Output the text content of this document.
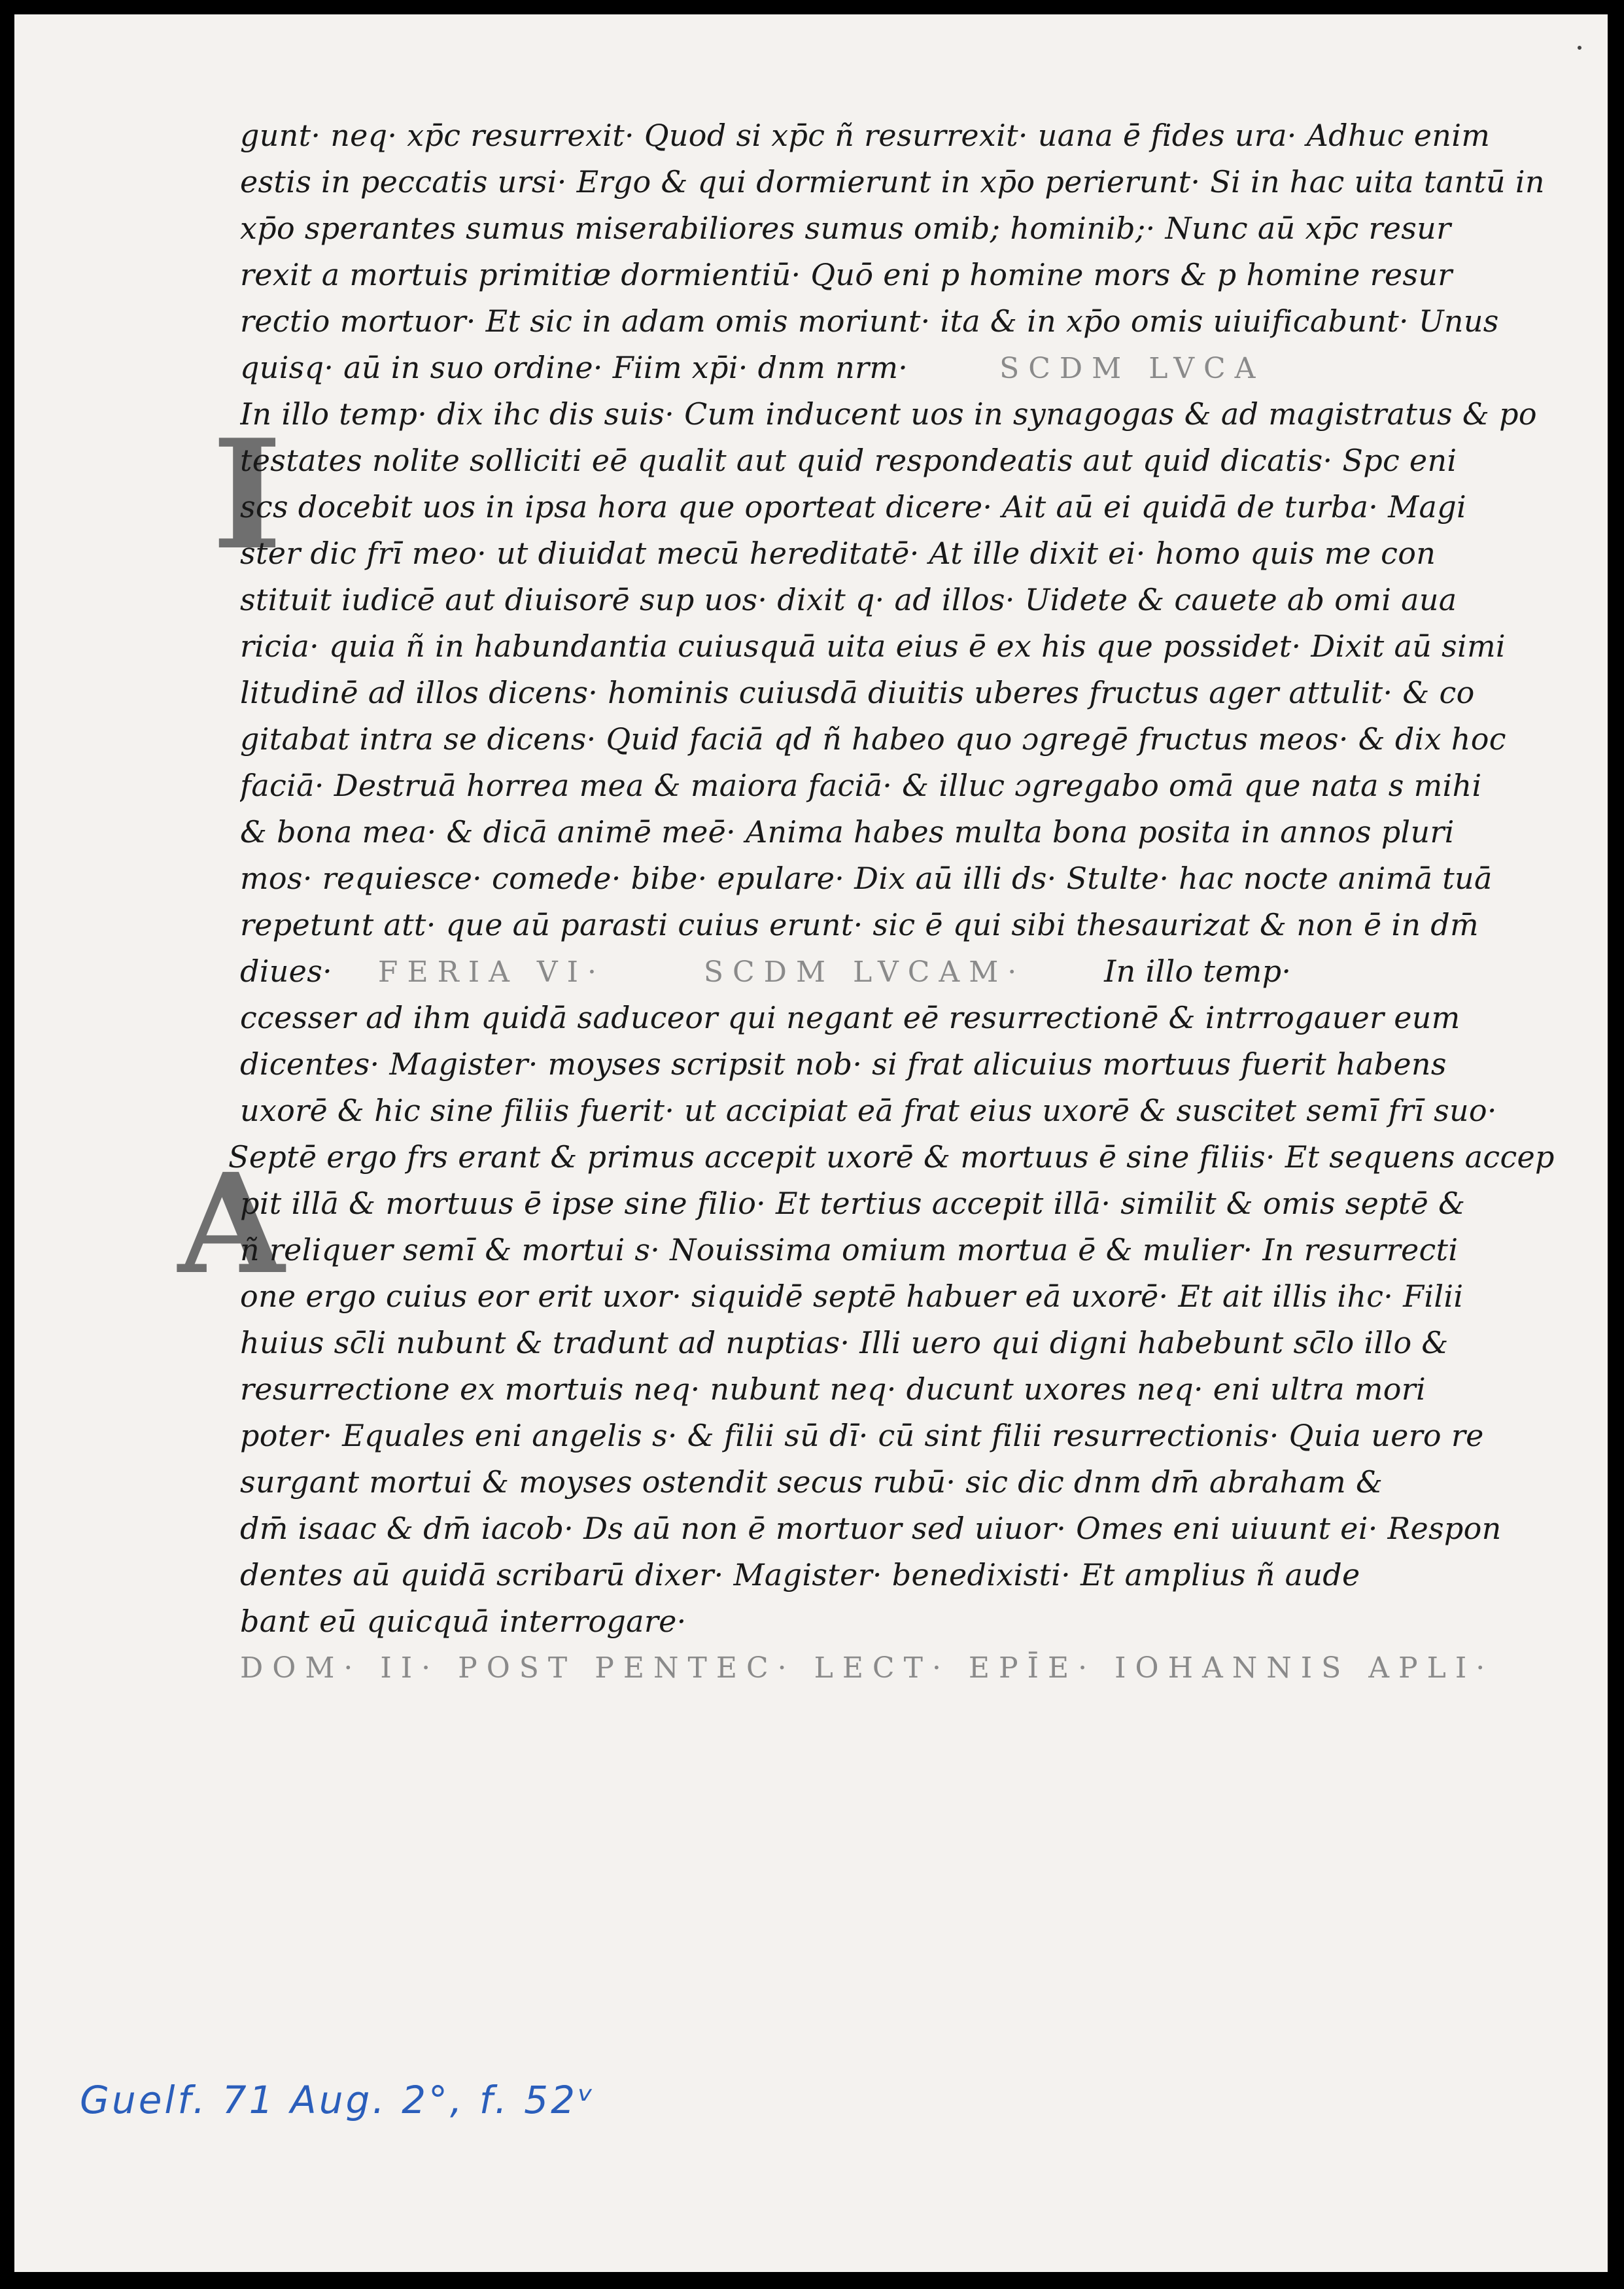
I
A
gunt· neq· xp̄c resurrexit· Quod si xp̄c ñ resurrexit· uana ē fides ura· Adhuc enim
estis in peccatis ursi· Ergo & qui dormierunt in xp̄o perierunt· Si in hac uita tantū in
xp̄o sperantes sumus miserabiliores sumus omib; hominib;· Nunc aū xp̄c resur
rexit a mortuis primitiæ dormientiū· Quō eni p homine mors & p homine resur
rectio mortuor· Et sic in adam omis moriunt· ita & in xp̄o omis uiuificabunt· Unus
quisq· aū in suo ordine· Fiim xp̄i· dnm nrm·	SCDM LVCA
In illo temp· dix ihc dis suis· Cum inducent uos in synagogas & ad magistratus & po
testates nolite solliciti eē qualit aut quid respondeatis aut quid dicatis· Spc eni
scs docebit uos in ipsa hora que oporteat dicere· Ait aū ei quidā de turba· Magi
ster dic frī meo· ut diuidat mecū hereditatē· At ille dixit ei· homo quis me con
stituit iudicē aut diuisorē sup uos· dixit q· ad illos· Uidete & cauete ab omi aua
ricia· quia ñ in habundantia cuiusquā uita eius ē ex his que possidet· Dixit aū simi
litudinē ad illos dicens· hominis cuiusdā diuitis uberes fructus ager attulit· & co
gitabat intra se dicens· Quid faciā qd ñ habeo quo ɔgregē fructus meos· & dix hoc
faciā· Destruā horrea mea & maiora faciā· & illuc ɔgregabo omā que nata s mihi
& bona mea· & dicā animē meē· Anima habes multa bona posita in annos pluri
mos· requiesce· comede· bibe· epulare· Dix aū illi ds· Stulte· hac nocte animā tuā
repetunt att· que aū parasti cuius erunt· sic ē qui sibi thesaurizat & non ē in dm̄
diues· FERIA VI·	SCDM LVCAM·	In illo temp·
ccesser ad ihm quidā saduceor qui negant eē resurrectionē & intrrogauer eum
dicentes· Magister· moyses scripsit nob· si frat alicuius mortuus fuerit habens
uxorē & hic sine filiis fuerit· ut accipiat eā frat eius uxorē & suscitet semī frī suo·
Septē ergo frs erant & primus accepit uxorē & mortuus ē sine filiis· Et sequens accep
pit illā & mortuus ē ipse sine filio· Et tertius accepit illā· similit & omis septē &
ñ reliquer semī & mortui s· Nouissima omium mortua ē & mulier· In resurrecti
one ergo cuius eor erit uxor· siquidē septē habuer eā uxorē· Et ait illis ihc· Filii
huius sc̄li nubunt & tradunt ad nuptias· Illi uero qui digni habebunt sc̄lo illo &
resurrectione ex mortuis neq· nubunt neq· ducunt uxores neq· eni ultra mori
poter· Equales eni angelis s· & filii sū dī· cū sint filii resurrectionis· Quia uero re
surgant mortui & moyses ostendit secus rubū· sic dic dnm dm̄ abraham &
dm̄ isaac & dm̄ iacob· Ds aū non ē mortuor sed uiuor· Omes eni uiuunt ei· Respon
dentes aū quidā scribarū dixer· Magister· benedixisti· Et amplius ñ aude
bant eū quicquā interrogare·
DOM· II· POST PENTEC· LECT· EPĪE· IOHANNIS APLI·
Guelf. 71 Aug. 2°, f. 52ᵛ
